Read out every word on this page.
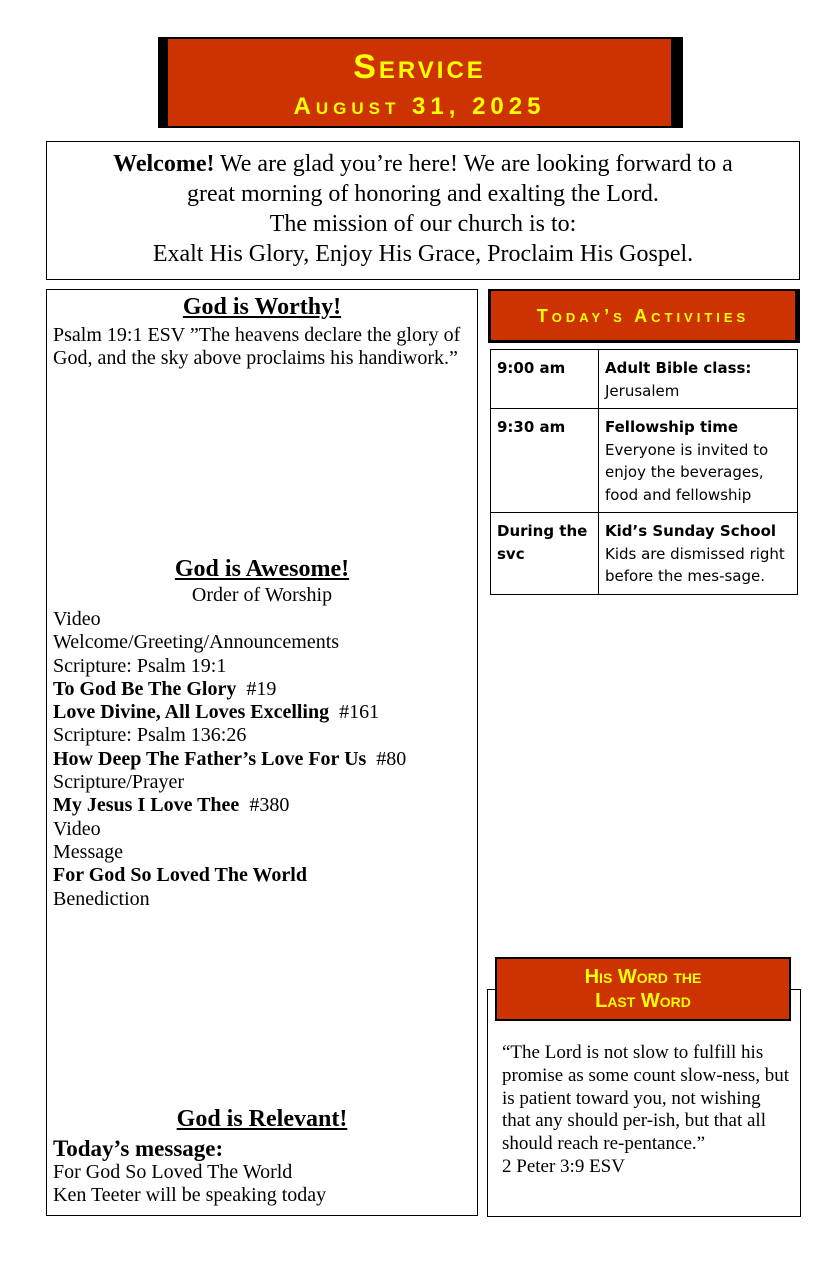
Service
August 31, 2025
Welcome! We are glad you’re here! We are looking forward to a
great morning of honoring and exalting the Lord.
The mission of our church is to:
Exalt His Glory, Enjoy His Grace, Proclaim His Gospel.
God is Worthy!
Psalm 19:1 ESV ”The heavens declare the glory of God, and the sky above proclaims his handiwork.”
God is Awesome!
Order of Worship
Video
Welcome/Greeting/Announcements
Scripture: Psalm 19:1
To God Be The Glory  #19
Love Divine, All Loves Excelling  #161
Scripture: Psalm 136:26
How Deep The Father’s Love For Us  #80
Scripture/Prayer
My Jesus I Love Thee  #380
Video
Message
For God So Loved The World
Benediction
God is Relevant!
Today’s message:
For God So Loved The World
Ken Teeter will be speaking today
Today’s Activities
9:00 am	Adult Bible class:
Jerusalem

9:30 am	Fellowship time
Everyone is invited to enjoy the beverages, food and fellowship

During the svc	Kid’s Sunday School
Kids are dismissed right before the mes-sage.
His Word the
Last Word
“The Lord is not slow to fulfill his promise as some count slow-ness, but is patient toward you, not wishing that any should per-ish, but that all should reach re-pentance.”
2 Peter 3:9 ESV
